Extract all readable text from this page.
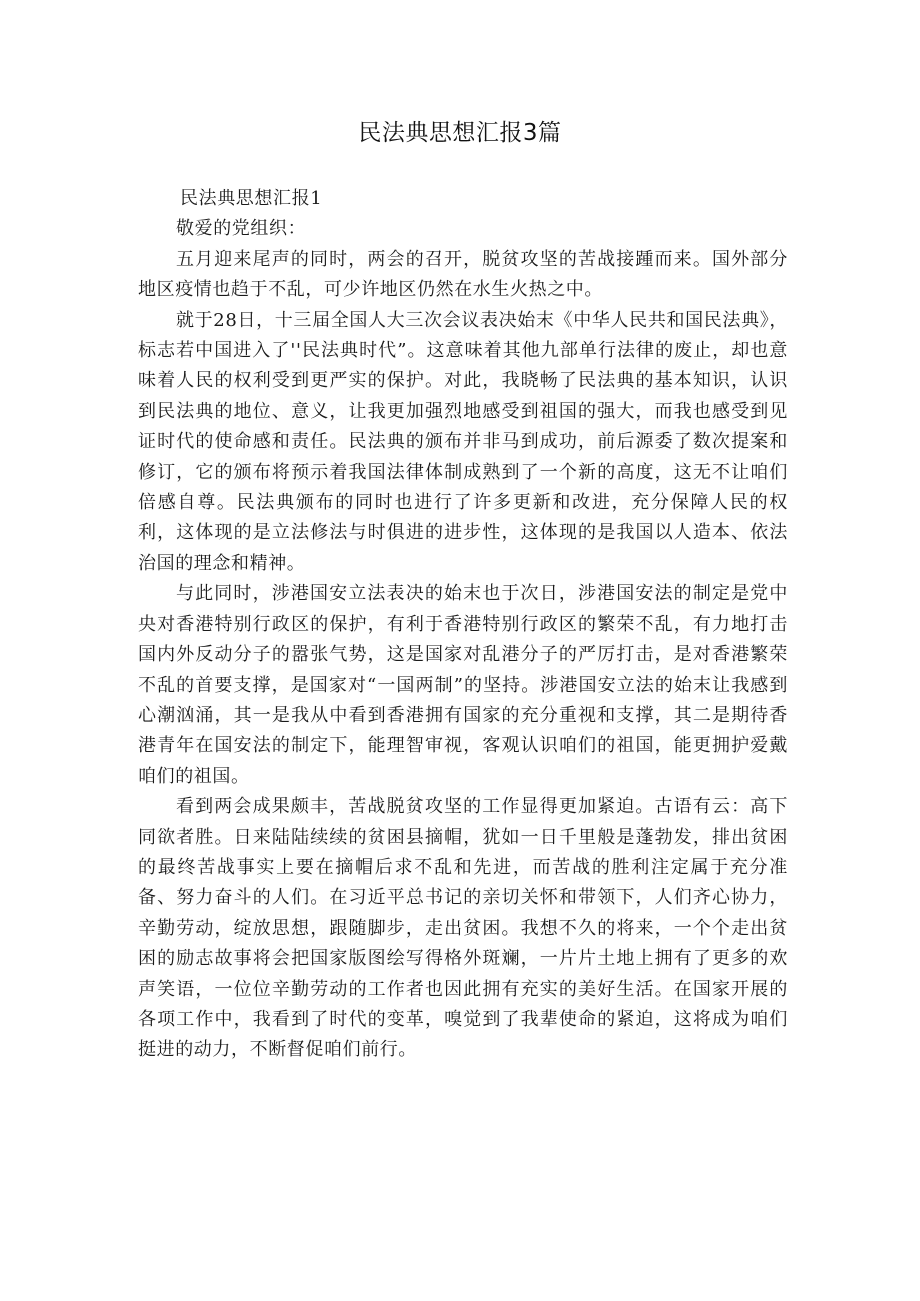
民法典思想汇报3篇

民法典思想汇报1

敬爱的党组织：

五月迎来尾声的同时，两会的召开，脱贫攻坚的苦战接踵而来。国外部分地区疫情也趋于不乱，可少许地区仍然在水生火热之中。

就于28日，十三届全国人大三次会议表决始末《中华人民共和国民法典》，标志若中国进入了''民法典时代”。这意味着其他九部单行法律的废止，却也意味着人民的权利受到更严实的保护。对此，我晓畅了民法典的基本知识，认识到民法典的地位、意义，让我更加强烈地感受到祖国的强大，而我也感受到见证时代的使命感和责任。民法典的颁布并非马到成功，前后源委了数次提案和修订，它的颁布将预示着我国法律体制成熟到了一个新的高度，这无不让咱们倍感自尊。民法典颁布的同时也进行了许多更新和改进，充分保障人民的权利，这体现的是立法修法与时俱进的进步性，这体现的是我国以人造本、依法治国的理念和精神。

与此同时，涉港国安立法表决的始末也于次日，涉港国安法的制定是党中央对香港特别行政区的保护，有利于香港特别行政区的繁荣不乱，有力地打击国内外反动分子的嚣张气势，这是国家对乱港分子的严厉打击，是对香港繁荣不乱的首要支撑，是国家对“一国两制”的坚持。涉港国安立法的始末让我感到心潮汹涌，其一是我从中看到香港拥有国家的充分重视和支撑，其二是期待香港青年在国安法的制定下，能理智审视，客观认识咱们的祖国，能更拥护爱戴咱们的祖国。

看到两会成果颇丰，苦战脱贫攻坚的工作显得更加紧迫。古语有云：高下同欲者胜。日来陆陆续续的贫困县摘帽，犹如一日千里般是蓬勃发，排出贫困的最终苦战事实上要在摘帽后求不乱和先进，而苦战的胜利注定属于充分准备、努力奋斗的人们。在习近平总书记的亲切关怀和带领下，人们齐心协力，辛勤劳动，绽放思想，跟随脚步，走出贫困。我想不久的将来，一个个走出贫困的励志故事将会把国家版图绘写得格外斑斓，一片片土地上拥有了更多的欢声笑语，一位位辛勤劳动的工作者也因此拥有充实的美好生活。在国家开展的各项工作中，我看到了时代的变革，嗅觉到了我辈使命的紧迫，这将成为咱们挺进的动力，不断督促咱们前行。
